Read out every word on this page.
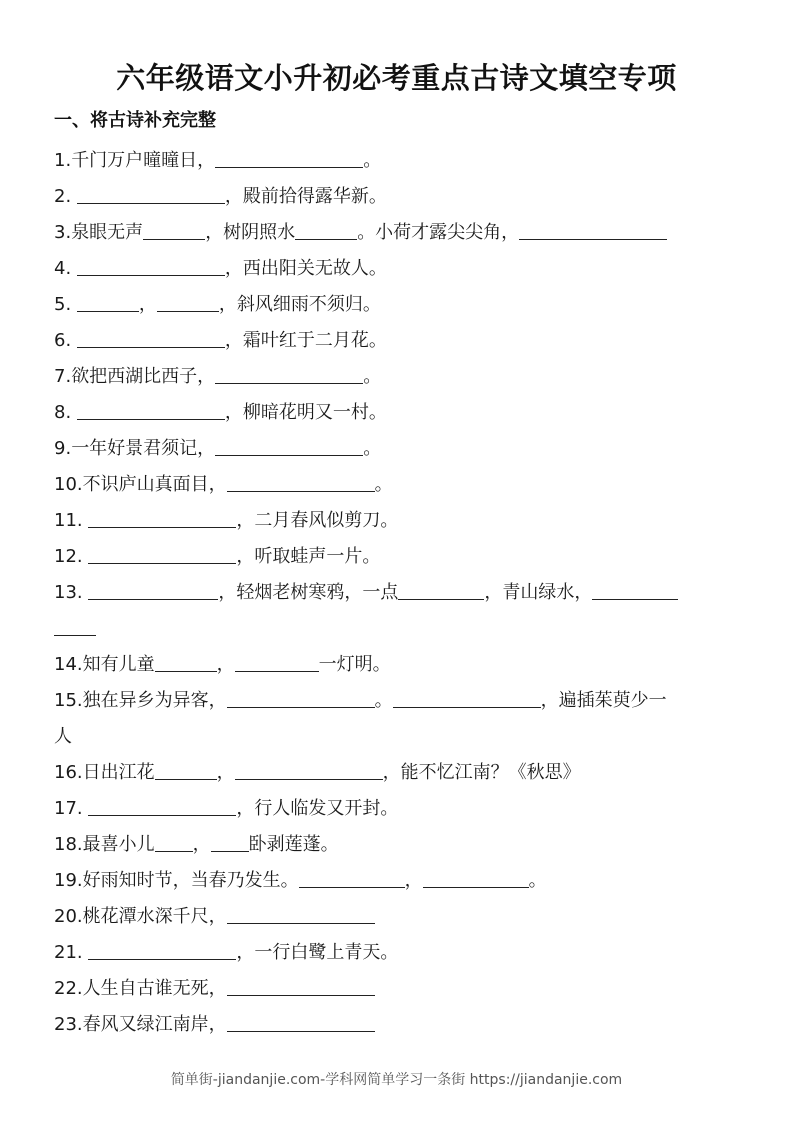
六年级语文小升初必考重点古诗文填空专项
一、将古诗补充完整
1.千门万户曈曈日，	。
2.	，殿前拾得露华新。
3.泉眼无声	，树阴照水	。小荷才露尖尖角，
4.	，西出阳关无故人。
5.	，	，斜风细雨不须归。
6.	，霜叶红于二月花。
7.欲把西湖比西子，	。
8.	，柳暗花明又一村。
9.一年好景君须记，	。
10.不识庐山真面目，	。
11.	，二月春风似剪刀。
12.	，听取蛙声一片。
13.	，轻烟老树寒鸦，一点	，青山绿水，

14.知有儿童	，	一灯明。
15.独在异乡为异客，	。	，遍插茱萸少一
人
16.日出江花	，	，能不忆江南？《秋思》
17.	，行人临发又开封。
18.最喜小儿 ， 卧剥莲蓬。
19.好雨知时节，当春乃发生。	，	。
20.桃花潭水深千尺，
21.	，一行白鹭上青天。
22.人生自古谁无死，
23.春风又绿江南岸，
简单街-jiandanjie.com-学科网简单学习一条街 https://jiandanjie.com
